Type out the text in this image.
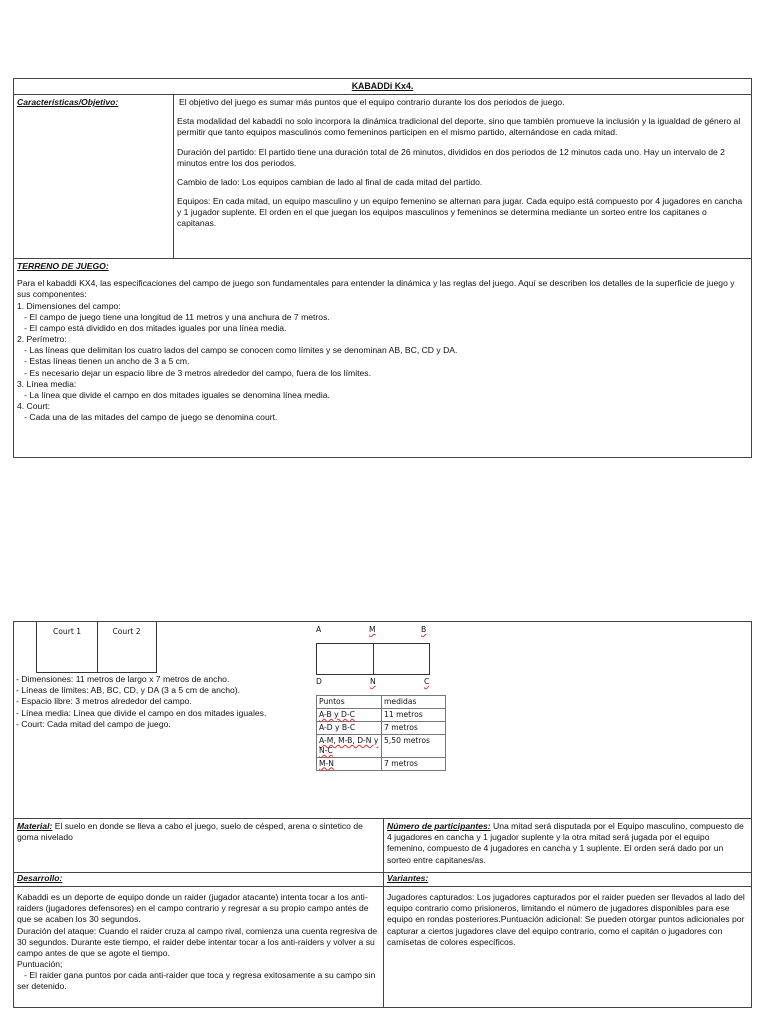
KABADDi Kx4.
Características/Objetivo:	El objetivo del juego es sumar más puntos que el equipo contrario durante los dos periodos de juego.

Esta modalidad del kabaddi no solo incorpora la dinámica tradicional del deporte, sino que también promueve la inclusión y la igualdad de género al permitir que tanto equipos masculinos como femeninos participen en el mismo partido, alternándose en cada mitad.

Duración del partido: El partido tiene una duración total de 26 minutos, divididos en dos periodos de 12 minutos cada uno. Hay un intervalo de 2 minutos entre los dos periodos.

Cambio de lado: Los equipos cambian de lado al final de cada mitad del partido.

Equipos: En cada mitad, un equipo masculino y un equipo femenino se alternan para jugar. Cada equipo está compuesto por 4 jugadores en cancha y 1 jugador suplente. El orden en el que juegan los equipos masculinos y femeninos se determina mediante un sorteo entre los capitanes o capitanas.

TERRENO DE JUEGO:

Para el kabaddi KX4, las especificaciones del campo de juego son fundamentales para entender la dinámica y las reglas del juego. Aquí se describen los detalles de la superficie de juego y sus componentes:

1. Dimensiones del campo:
- El campo de juego tiene una longitud de 11 metros y una anchura de 7 metros.
- El campo está dividido en dos mitades iguales por una línea media.
2. Perímetro:
- Las líneas que delimitan los cuatro lados del campo se conocen como límites y se denominan AB, BC, CD y DA.
- Estas líneas tienen un ancho de 3 a 5 cm.
- Es necesario dejar un espacio libre de 3 metros alrededor del campo, fuera de los límites.
3. Línea media:
- La línea que divide el campo en dos mitades iguales se denomina línea media.
4. Court:
- Cada una de las mitades del campo de juego se denomina court.
Court 1	Court 2
- Dimensiones: 11 metros de largo x 7 metros de ancho.
- Líneas de límites: AB, BC, CD, y DA (3 a 5 cm de ancho).
- Espacio libre: 3 metros alrededor del campo.
- Línea media: Línea que divide el campo en dos mitades iguales.
- Court: Cada mitad del campo de juego.
A	M	B
D	N	C
Puntos	medidas
A-B y D-C	11 metros
A-D y B-C	7 metros
A-M, M-B, D-N y N-C	5,50 metros
M-N	7 metros
Material: El suelo en donde se lleva a cabo el juego, suelo de césped, arena o sintetico de goma nivelado
Número de participantes: Una mitad será disputada por el Equipo masculino, compuesto de 4 jugadores en cancha y 1 jugador suplente y la otra mitad será jugada por el equipo femenino, compuesto de 4 jugadores en cancha y 1 suplente. El orden será dado por un sorteo entre capitanes/as.
Desarrollo:	Variantes:

Kabaddi es un deporte de equipo donde un raider (jugador atacante) intenta tocar a los anti-raiders (jugadores defensores) en el campo contrario y regresar a su propio campo antes de que se acaben los 30 segundos.

Duración del ataque: Cuando el raider cruza al campo rival, comienza una cuenta regresiva de 30 segundos. Durante este tiempo, el raider debe intentar tocar a los anti-raiders y volver a su campo antes de que se agote el tiempo.

Puntuación;

- El raider gana puntos por cada anti-raider que toca y regresa exitosamente a su campo sin ser detenido.

Jugadores capturados: Los jugadores capturados por el raider pueden ser llevados al lado del equipo contrario como prisioneros, limitando el número de jugadores disponibles para ese equipo en rondas posteriores.Puntuación adicional: Se pueden otorgar puntos adicionales por capturar a ciertos jugadores clave del equipo contrario, como el capitán o jugadores con camisetas de colores específicos.
